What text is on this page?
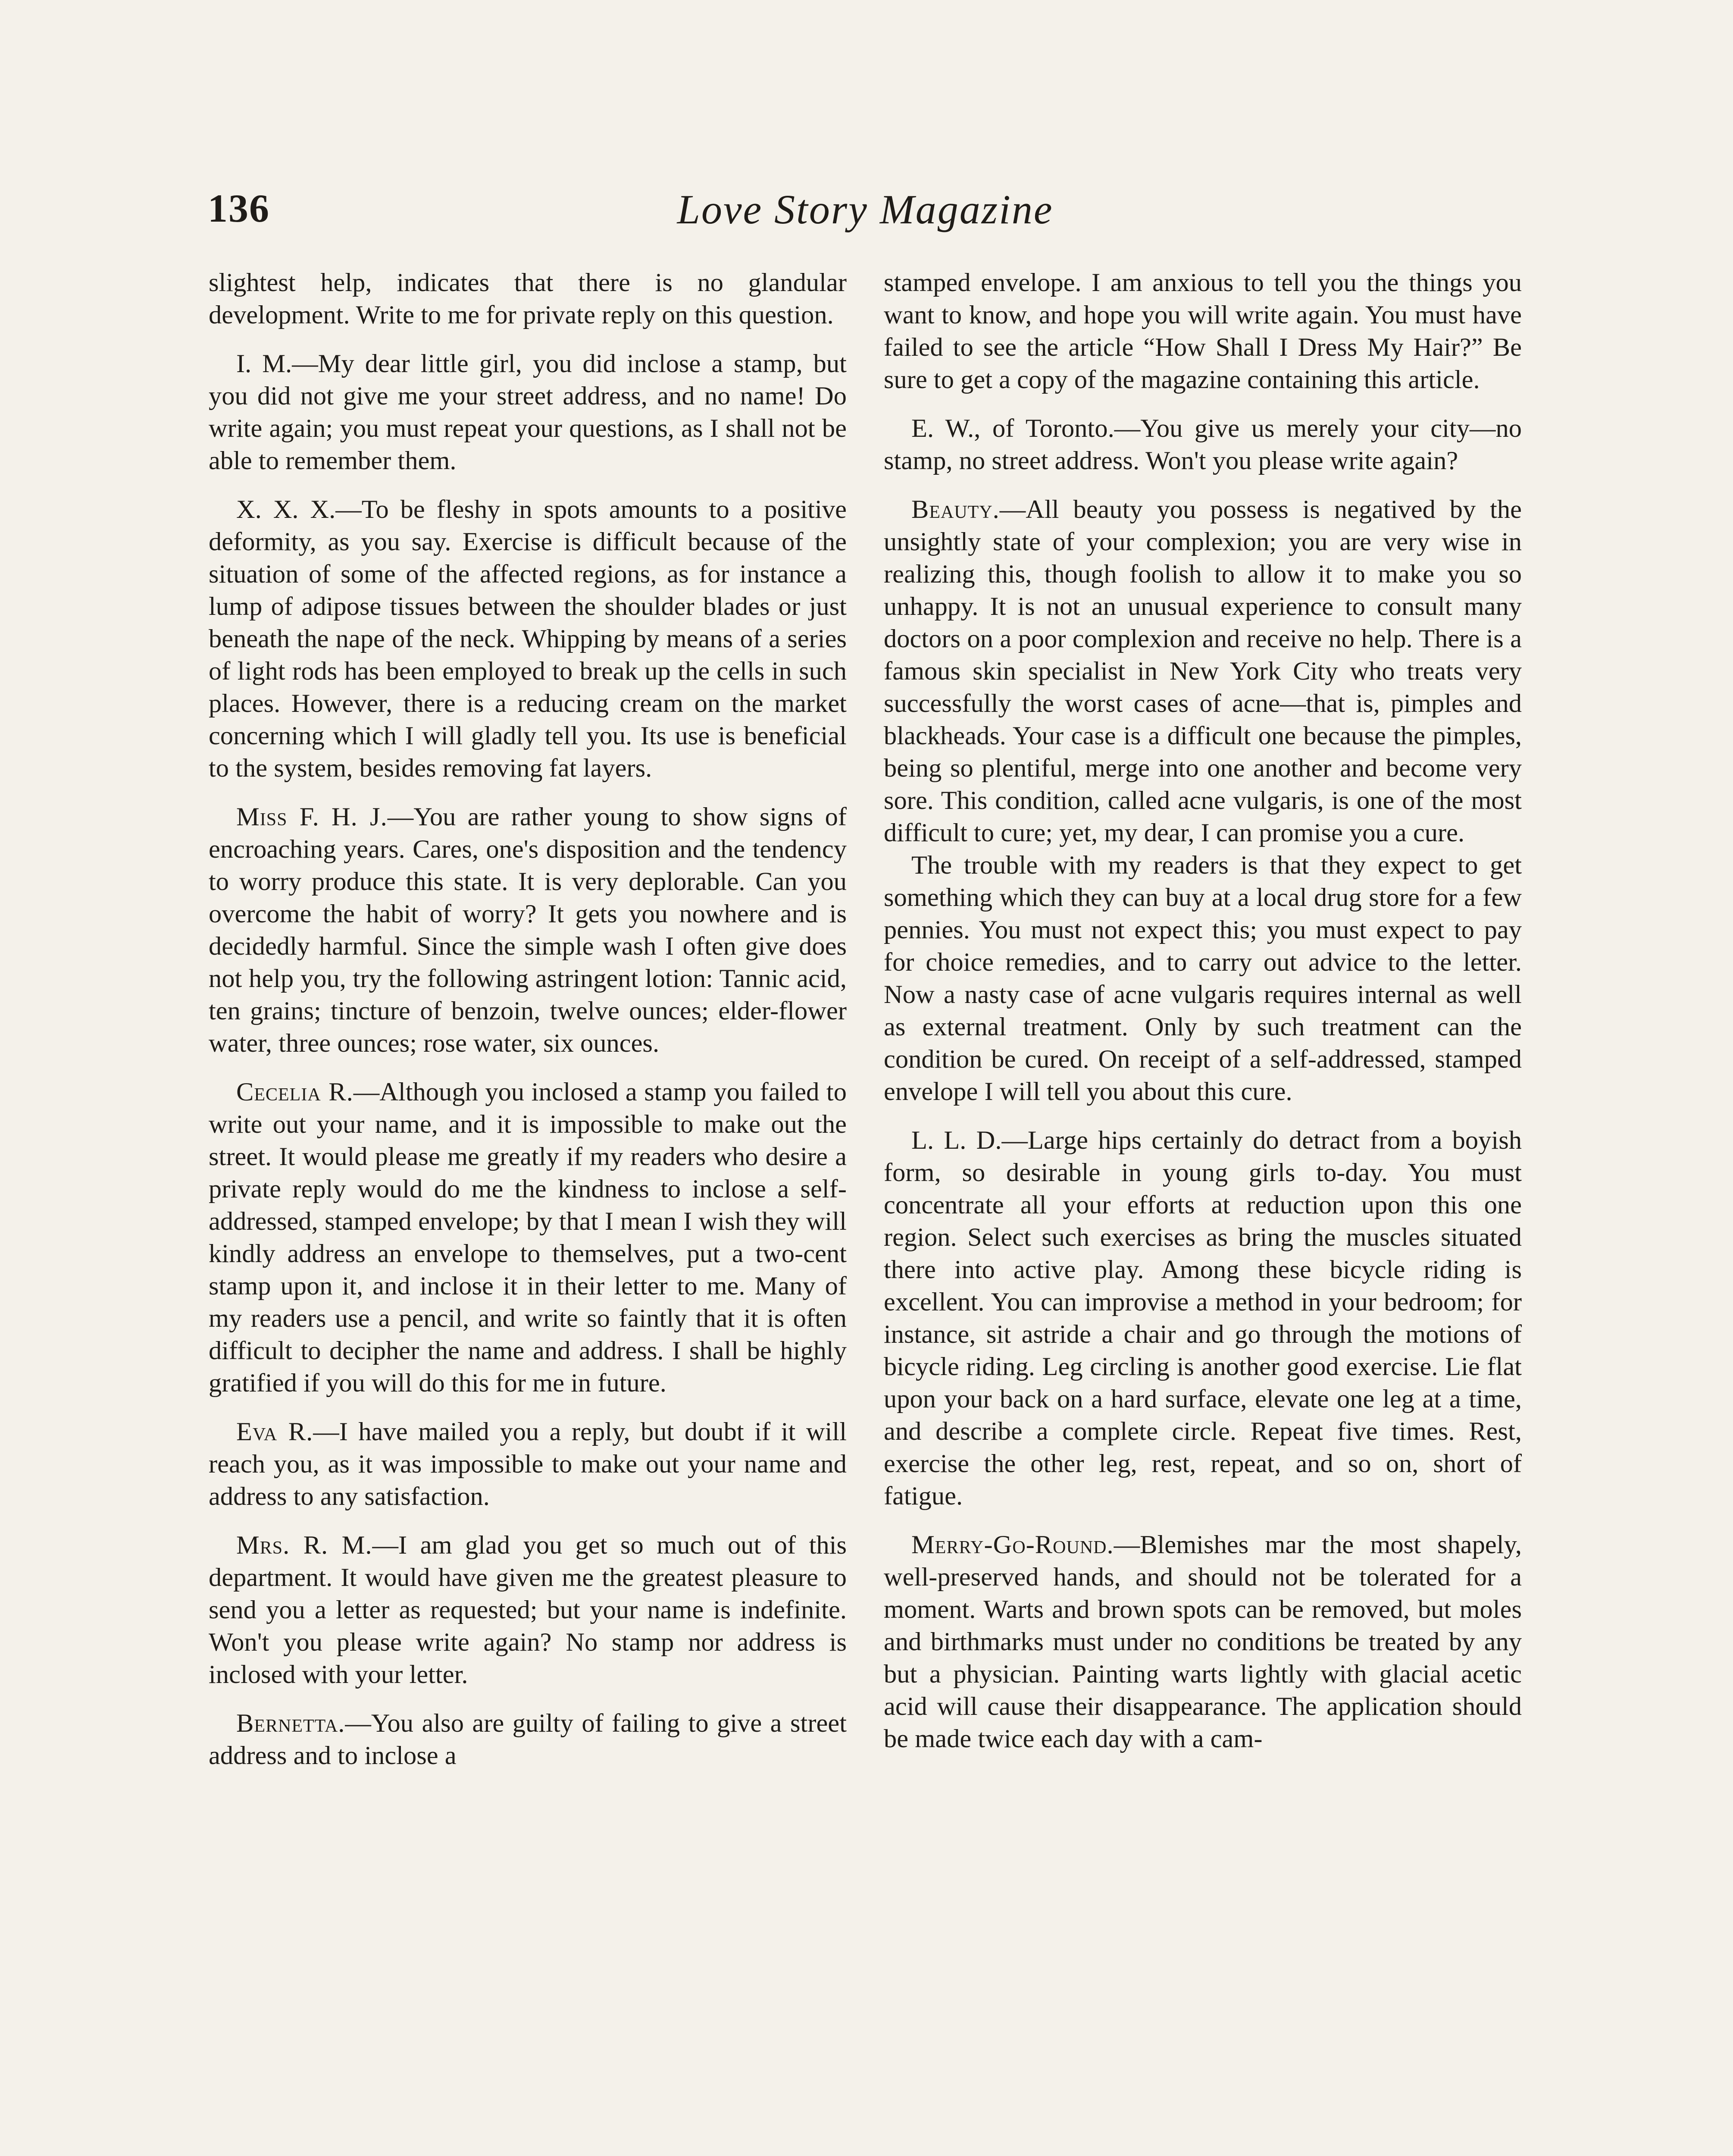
136	Love Story Magazine

slightest help, indicates that there is no glandular development. Write to me for private reply on this question.

I. M.—My dear little girl, you did inclose a stamp, but you did not give me your street address, and no name! Do write again; you must repeat your questions, as I shall not be able to remember them.

X. X. X.—To be fleshy in spots amounts to a positive deformity, as you say. Exercise is difficult because of the situation of some of the affected regions, as for instance a lump of adipose tissues between the shoulder blades or just beneath the nape of the neck. Whipping by means of a series of light rods has been employed to break up the cells in such places. However, there is a reducing cream on the market concerning which I will gladly tell you. Its use is beneficial to the system, besides removing fat layers.

Miss F. H. J.—You are rather young to show signs of encroaching years. Cares, one's disposition and the tendency to worry produce this state. It is very deplorable. Can you overcome the habit of worry? It gets you nowhere and is decidedly harmful. Since the simple wash I often give does not help you, try the following astringent lotion: Tannic acid, ten grains; tincture of benzoin, twelve ounces; elder-flower water, three ounces; rose water, six ounces.

Cecelia R.—Although you inclosed a stamp you failed to write out your name, and it is impossible to make out the street. It would please me greatly if my readers who desire a private reply would do me the kindness to inclose a self-addressed, stamped envelope; by that I mean I wish they will kindly address an envelope to themselves, put a two-cent stamp upon it, and inclose it in their letter to me. Many of my readers use a pencil, and write so faintly that it is often difficult to decipher the name and address. I shall be highly gratified if you will do this for me in future.

Eva R.—I have mailed you a reply, but doubt if it will reach you, as it was impossible to make out your name and address to any satisfaction.

Mrs. R. M.—I am glad you get so much out of this department. It would have given me the greatest pleasure to send you a letter as requested; but your name is indefinite. Won't you please write again? No stamp nor address is inclosed with your letter.

Bernetta.—You also are guilty of failing to give a street address and to inclose a

stamped envelope. I am anxious to tell you the things you want to know, and hope you will write again. You must have failed to see the article “How Shall I Dress My Hair?” Be sure to get a copy of the magazine containing this article.

E. W., of Toronto.—You give us merely your city—no stamp, no street address. Won't you please write again?

Beauty.—All beauty you possess is negatived by the unsightly state of your complexion; you are very wise in realizing this, though foolish to allow it to make you so unhappy. It is not an unusual experience to consult many doctors on a poor complexion and receive no help. There is a famous skin specialist in New York City who treats very successfully the worst cases of acne—that is, pimples and blackheads. Your case is a difficult one because the pimples, being so plentiful, merge into one another and become very sore. This condition, called acne vulgaris, is one of the most difficult to cure; yet, my dear, I can promise you a cure.

The trouble with my readers is that they expect to get something which they can buy at a local drug store for a few pennies. You must not expect this; you must expect to pay for choice remedies, and to carry out advice to the letter. Now a nasty case of acne vulgaris requires internal as well as external treatment. Only by such treatment can the condition be cured. On receipt of a self-addressed, stamped envelope I will tell you about this cure.

L. L. D.—Large hips certainly do detract from a boyish form, so desirable in young girls to-day. You must concentrate all your efforts at reduction upon this one region. Select such exercises as bring the muscles situated there into active play. Among these bicycle riding is excellent. You can improvise a method in your bedroom; for instance, sit astride a chair and go through the motions of bicycle riding. Leg circling is another good exercise. Lie flat upon your back on a hard surface, elevate one leg at a time, and describe a complete circle. Repeat five times. Rest, exercise the other leg, rest, repeat, and so on, short of fatigue.

Merry-Go-Round.—Blemishes mar the most shapely, well-preserved hands, and should not be tolerated for a moment. Warts and brown spots can be removed, but moles and birthmarks must under no conditions be treated by any but a physician. Painting warts lightly with glacial acetic acid will cause their disappearance. The application should be made twice each day with a cam-
